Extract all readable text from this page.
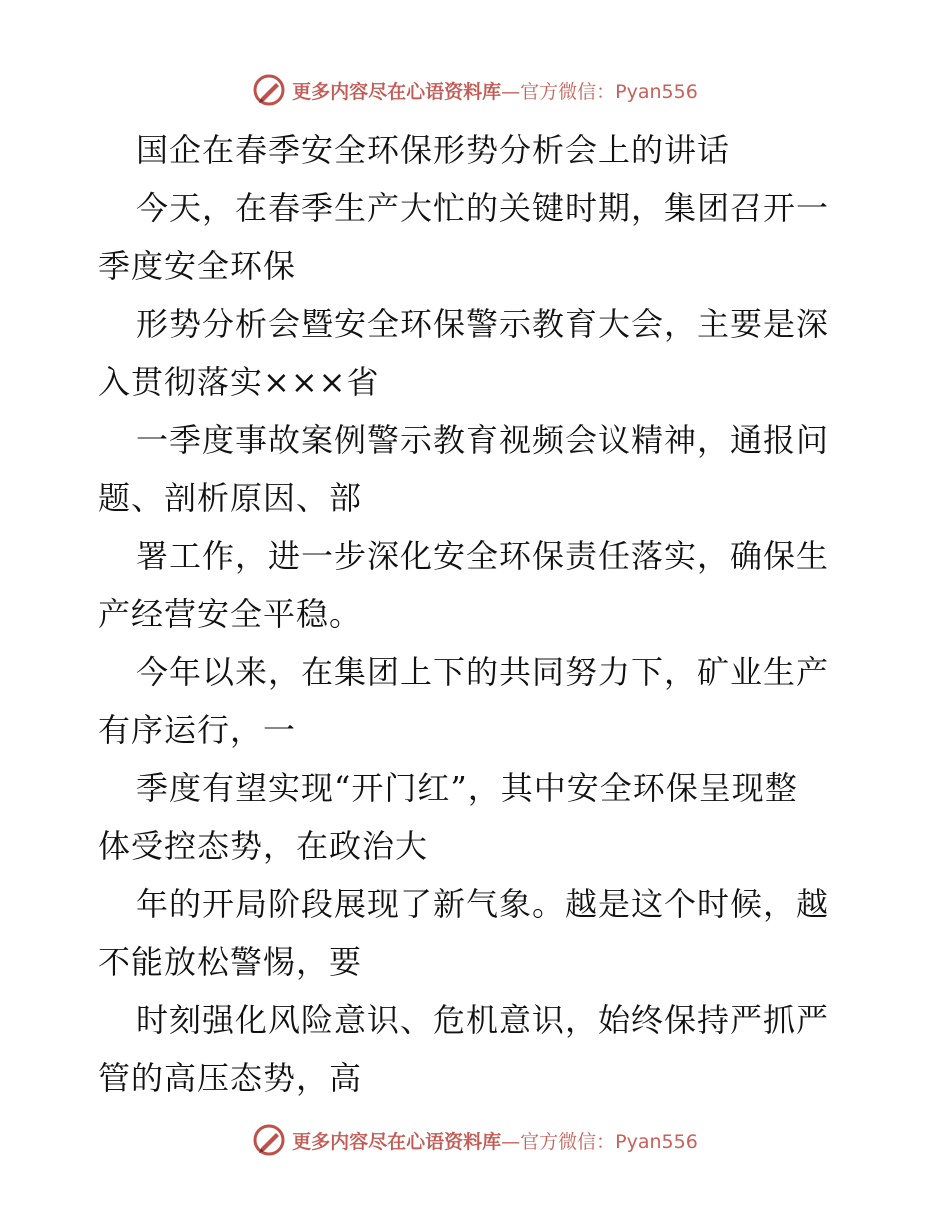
更多内容尽在心语资料库—官方微信：Pyan556
国企在春季安全环保形势分析会上的讲话
今天，在春季生产大忙的关键时期，集团召开一
季度安全环保
形势分析会暨安全环保警示教育大会，主要是深
入贯彻落实×××省
一季度事故案例警示教育视频会议精神，通报问
题、剖析原因、部
署工作，进一步深化安全环保责任落实，确保生
产经营安全平稳。
今年以来，在集团上下的共同努力下，矿业生产
有序运行，一
季度有望实现“开门红”，其中安全环保呈现整
体受控态势，在政治大
年的开局阶段展现了新气象。越是这个时候，越
不能放松警惕，要
时刻强化风险意识、危机意识，始终保持严抓严
管的高压态势，高
更多内容尽在心语资料库—官方微信：Pyan556
